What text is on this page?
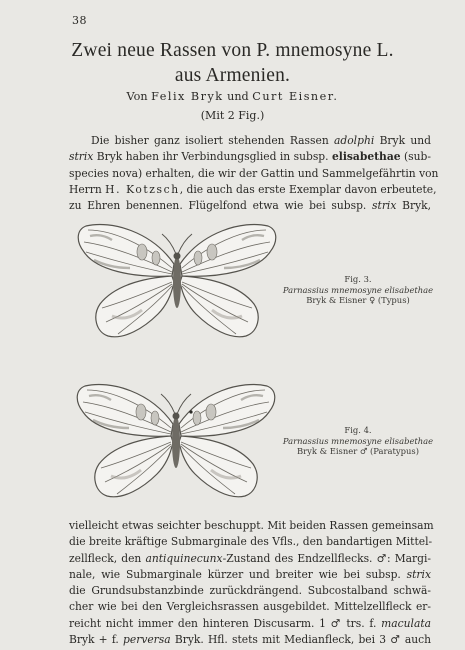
38
Zwei neue Rassen von P. mnemosyne L.
aus Armenien.
Von Felix Bryk und Curt Eisner.
(Mit 2 Fig.)
Die bisher ganz isoliert stehenden Rassen adolphi Bryk und
strix Bryk haben ihr Verbindungsglied in subsp. elisabethae (sub-
species nova) erhalten, die wir der Gattin und Sammelgefährtin von
Herrn H. Kotzsch, die auch das erste Exemplar davon erbeutete,
zu Ehren benennen. Flügelfond etwa wie bei subsp. strix Bryk,
Fig. 3.
Parnassius mnemosyne elisabethae
Bryk & Eisner ♀ (Typus)
Fig. 4.
Parnassius mnemosyne elisabethae
Bryk & Eisner ♂ (Paratypus)
vielleicht etwas seichter beschuppt. Mit beiden Rassen gemeinsam
die breite kräftige Submarginale des Vfls., den bandartigen Mittel-
zellfleck, den antiquinecunx-Zustand des Endzellflecks. ♂: Margi-
nale, wie Submarginale kürzer und breiter wie bei subsp. strix
die Grundsubstanzbinde zurückdrängend. Subcostalband schwä-
cher wie bei den Vergleichsrassen ausgebildet. Mittelzellfleck er-
reicht nicht immer den hinteren Discusarm. 1 ♂ trs. f. maculata
Bryk + f. perversa Bryk. Hfl. stets mit Medianfleck, bei 3 ♂ auch
